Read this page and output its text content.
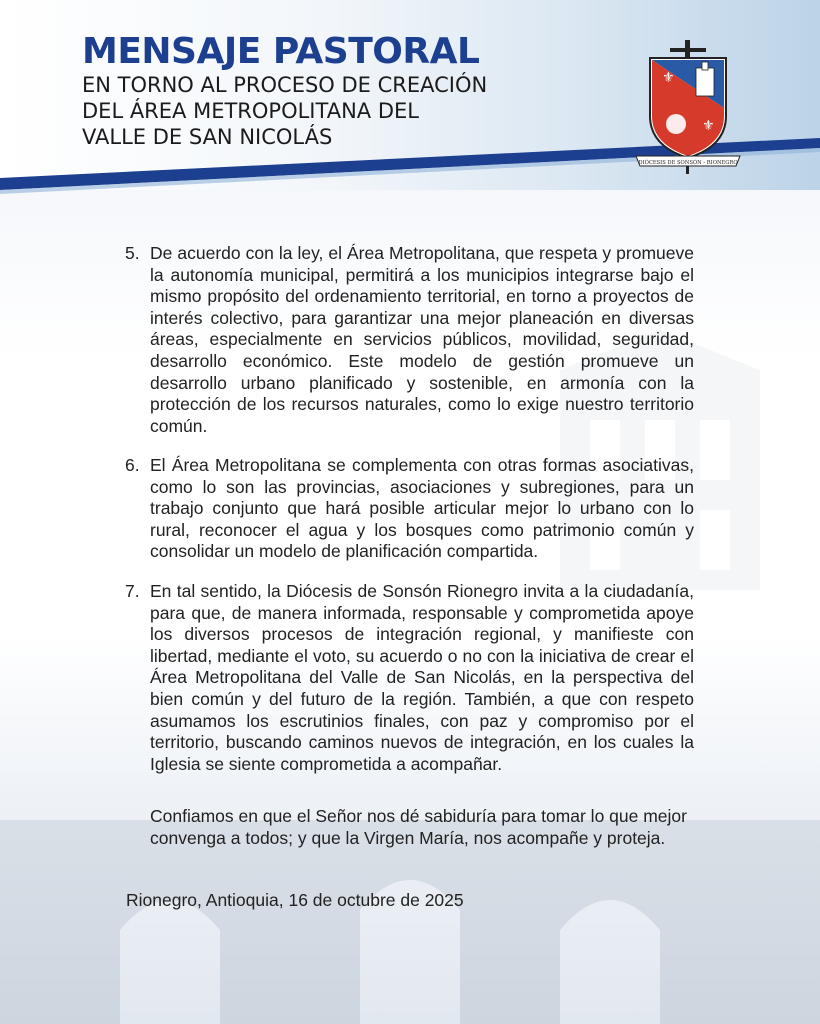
MENSAJE PASTORAL
EN TORNO AL PROCESO DE CREACIÓN
DEL ÁREA METROPOLITANA DEL
VALLE DE SAN NICOLÁS
⚜
⚜
DIÓCESIS DE SONSÓN - RIONEGRO
5. De acuerdo con la ley, el Área Metropolitana, que respeta y promueve la autonomía municipal, permitirá a los municipios integrarse bajo el mismo propósito del ordenamiento territorial, en torno a proyectos de interés colectivo, para garantizar una mejor planeación en diversas áreas, especialmente en servicios públicos, movilidad, seguridad, desarrollo económico. Este modelo de gestión promueve un desarrollo urbano planificado y sostenible, en armonía con la protección de los recursos naturales, como lo exige nuestro territorio común.
6. El Área Metropolitana se complementa con otras formas asociativas, como lo son las provincias, asociaciones y subregiones, para un trabajo conjunto que hará posible articular mejor lo urbano con lo rural, reconocer el agua y los bosques como patrimonio común y consolidar un modelo de planificación compartida.
7. En tal sentido, la Diócesis de Sonsón Rionegro invita a la ciudadanía, para que, de manera informada, responsable y comprometida apoye los diversos procesos de integración regional, y manifieste con libertad, mediante el voto, su acuerdo o no con la iniciativa de crear el Área Metropolitana del Valle de San Nicolás, en la perspectiva del bien común y del futuro de la región. También, a que con respeto asumamos los escrutinios finales, con paz y compromiso por el territorio, buscando caminos nuevos de integración, en los cuales la Iglesia se siente comprometida a acompañar.
Confiamos en que el Señor nos dé sabiduría para tomar lo que mejor convenga a todos; y que la Virgen María, nos acompañe y proteja.
Rionegro, Antioquia, 16 de octubre de 2025
